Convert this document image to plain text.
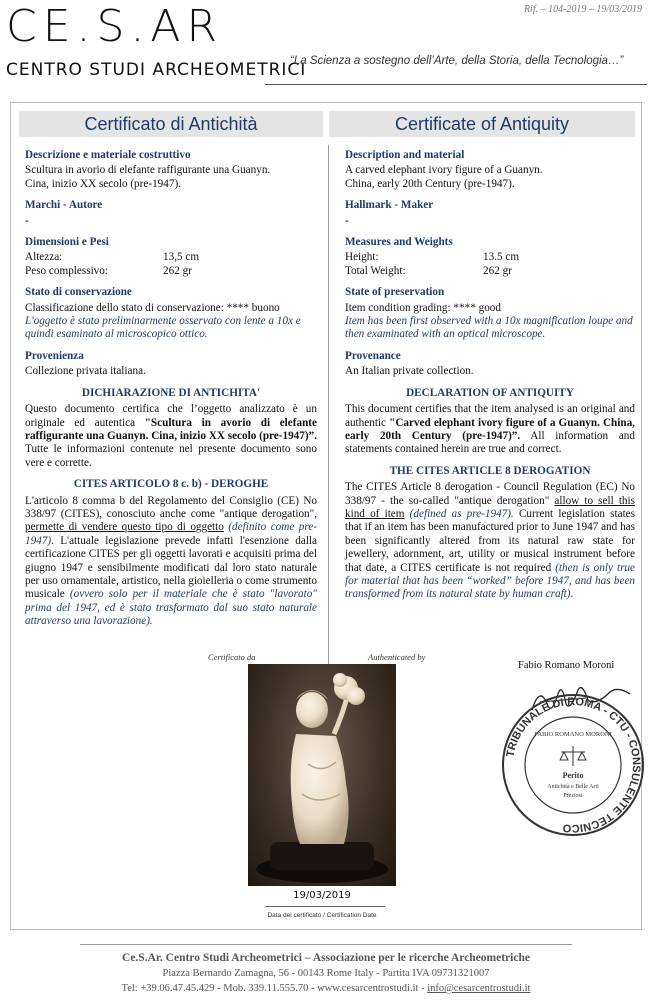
CE.S.AR
CENTRO STUDI ARCHEOMETRICI
Rif. – 104-2019 – 19/03/2019
“La Scienza a sostegno dell’Arte, della Storia, della Tecnologia…”
Certificato di Antichità	Certificate of Antiquity

Descrizione e materiale costruttivo

Scultura in avorio di elefante raffigurante una Guanyn.

Cina, inizio XX secolo (pre-1947).

Marchi - Autore

-

Dimensioni e Pesi

Altezza:	13,5 cm
Peso complessivo:	262 gr

Stato di conservazione

Classificazione dello stato di conservazione: **** buono

L'oggetto è stato preliminarmente osservato con lente a 10x e quindi esaminato al microscopico ottico.

Provenienza

Collezione privata italiana.

DICHIARAZIONE DI ANTICHITA'

Questo documento certifica che l’oggetto analizzato è un originale ed autentica "Scultura in avorio di elefante raffigurante una Guanyn. Cina, inizio XX secolo (pre-1947)”. Tutte le informazioni contenute nel presente documento sono vere e corrette.

CITES ARTICOLO 8 c. b) - DEROGHE

L'articolo 8 comma b del Regolamento del Consiglio (CE) No 338/97 (CITES), conosciuto anche come "antique derogation", permette di vendere questo tipo di oggetto (definito come pre-1947). L'attuale legislazione prevede infatti l'esenzione dalla certificazione CITES per gli oggetti lavorati e acquisiti prima del giugno 1947 e sensibilmente modificati dal loro stato naturale per uso ornamentale, artistico, nella gioielleria o come strumento musicale (ovvero solo per il materiale che è stato "lavorato" prima del 1947, ed è stato trasformato dal suo stato naturale attraverso una lavorazione).

Description and material

A carved elephant ivory figure of a Guanyn.

China, early 20th Century (pre-1947).

Hallmark - Maker

-

Measures and Weights

Height:	13.5 cm
Total Weight:	262 gr

State of preservation

Item condition grading: **** good

Item has been first observed with a 10x magnification loupe and then examinated with an optical microscope.

Provenance

An Italian private collection.

DECLARATION OF ANTIQUITY

This document certifies that the item analysed is an original and authentic "Carved elephant ivory figure of a Guanyn. China, early 20th Century (pre-1947)”. All information and statements contained herein are true and correct.

THE CITES ARTICLE 8 DEROGATION

The CITES Article 8 derogation - Council Regulation (EC) No 338/97 - the so-called "antique derogation" allow to sell this kind of item (defined as pre-1947). Current legislation states that if an item has been manufactured prior to June 1947 and has been significantly altered from its natural raw state for jewellery, adornment, art, utility or musical instrument before that date, a CITES certificate is not required (then is only true for material that has been “worked” before 1947, and has been transformed from its natural state by human craft).

Certificato da	Authenticated by
19/03/2019
Data del certificato / Certification Date
Fabio Romano Moroni
TRIBUNALE DI ROMA - CTU - CONSULENTE TECNICO
FABIO ROMANO MORONI
Perito
Antichità e Belle Arti
Preziosi
Ce.S.Ar. Centro Studi Archeometrici – Associazione per le ricerche Archeometriche
Piazza Bernardo Zamagna, 56 - 00143 Rome Italy - Partita IVA 09731321007
Tel: +39.06.47.45.429 - Mob. 339.11.555.70 - www.cesarcentrostudi.it - info@cesarcentrostudi.it
